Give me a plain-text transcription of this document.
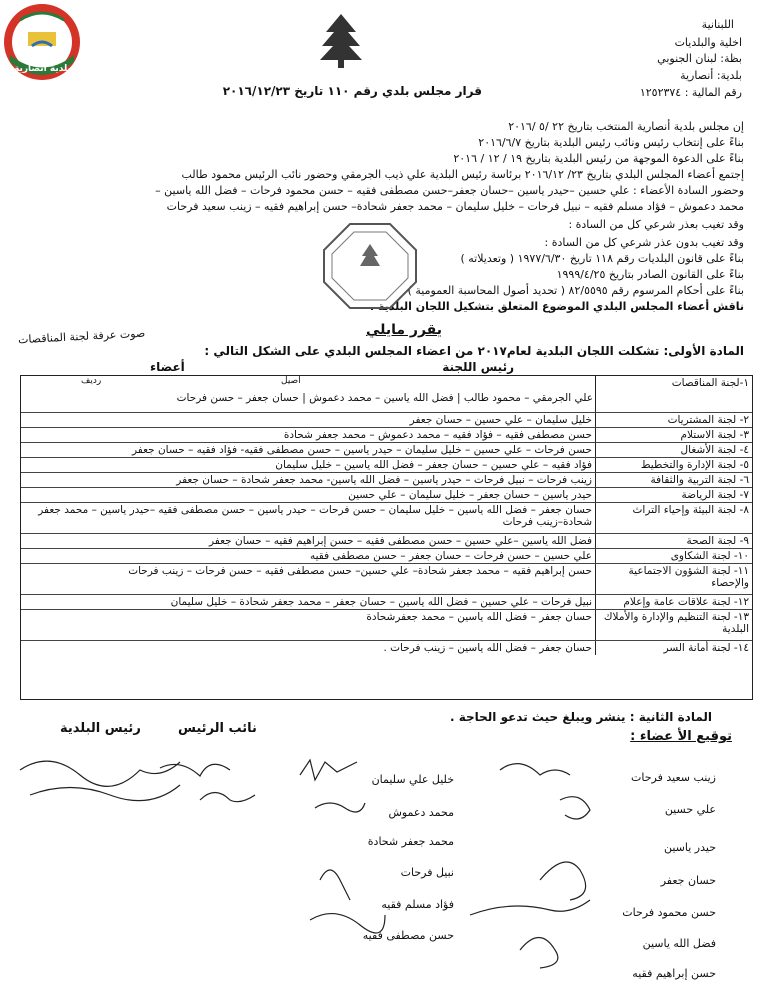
بلدية أنصارية
اللبنانية
اخلية والبلديات
بظة: لبنان الجنوبي
بلدية: أنصارية
رقم المالية : ١٢٥٢٣٧٤
قرار مجلس بلدي رقم ١١٠ تاريخ ٢٠١٦/١٢/٢٣
إن مجلس بلدية أنصارية المنتخب بتاريخ ٢٢ /٥ /٢٠١٦
بناءً على إنتخاب رئيس ونائب رئيس البلدية بتاريخ ٢٠١٦/٦/٧
بناءً على الدعوة الموجهة من رئيس البلدية بتاريخ ١٩ / ١٢ / ٢٠١٦
إجتمع أعضاء المجلس البلدي بتاريخ ٢٣/ ٢٠١٦/١٢ برئاسة رئيس البلدية علي ذيب الجرمقي وحضور نائب الرئيس محمود طالب
وحضور السادة الأعضاء : علي حسين –حيدر ياسين –حسان جعفر–حسن مصطفى فقيه – حسن محمود فرحات – فضل الله ياسين –
محمد دعموش – فؤاد مسلم فقيه – نبيل فرحات – خليل سليمان – محمد جعفر شحادة– حسن إبراهيم فقيه – زينب سعيد فرحات
وقد تغيب بعذر شرعي كل من السادة :
وقد تغيب بدون عذر شرعي كل من السادة :
بناءً على قانون البلديات رقم ١١٨ تاريخ ١٩٧٧/٦/٣٠ ( وتعديلاته )
بناءً على القانون الصادر بتاريخ ١٩٩٩/٤/٢٥
بناءً على أحكام المرسوم رقم ٨٢/٥٥٩٥ ( تحديد أصول المحاسبة العمومية )
ناقش أعضاء المجلس البلدي الموضوع المتعلق بتشكيل اللجان البلدية .
يقرر مايلي
المادة الأولى: تشكلت اللجان البلدية لعام٢٠١٧ من اعضاء المجلس البلدي على الشكل التالي :
صوت عرفة لجنة المناقصات
رئيس اللجنة
أعضاء
١-لجنة المناقصات	أصيل
رديف
علي الجرمقي – محمود طالب | فضل الله ياسين – محمد دعموش | حسان جعفر – حسن فرحات

٢- لجنة المشتريات	خليل سليمان – علي حسين – حسان جعفر
٣- لجنة الاستلام	حسن مصطفى فقيه – فؤاد فقيه – محمد دعموش – محمد جعفر شحادة
٤- لجنة الأشغال	حسن فرحات – علي حسين – خليل سليمان – حيدر ياسين – حسن مصطفى فقيه- فؤاد فقيه – حسان جعفر
٥- لجنة الإدارة والتخطيط	فؤاد فقيه – علي حسين – حسان جعفر – فضل الله ياسين – خليل سليمان
٦- لجنة التربية والثقافة	زينب فرحات – نبيل فرحات – حيدر ياسين – فضل الله ياسين- محمد جعفر شحادة – حسان جعفر
٧- لجنة الرياضة	حيدر ياسين – حسان جعفر – خليل سليمان – علي حسين
٨- لجنة البيئة وإحياء التراث	حسان جعفر – فضل الله ياسين – خليل سليمان – حسن فرحات – حيدر ياسين – حسن مصطفى فقيه –حيدر ياسين – محمد جعفر شحادة–زينب فرحات
٩- لجنة الصحة	فضل الله ياسين –علي حسين – حسن مصطفى فقيه – حسن إبراهيم فقيه – حسان جعفر
١٠- لجنة الشكاوى	علي حسين – حسن فرحات – حسان جعفر – حسن مصطفى فقيه
١١- لجنة الشؤون الاجتماعية والإحصاء	حسن إبراهيم فقيه – محمد جعفر شحادة– علي حسين– حسن مصطفى فقيه – حسن فرحات – زينب فرحات
١٢- لجنة علاقات عامة وإعلام	نبيل فرحات – علي حسين – فضل الله ياسين – حسان جعفر – محمد جعفر شحادة – خليل سليمان
١٣- لجنة التنظيم والإدارة والأملاك البلدية	حسان جعفر – فضل الله ياسين – محمد جعفرشحادة
١٤- لجنة أمانة السر	حسان جعفر – فضل الله ياسين – زينب فرحات .
المادة الثانية : ينشر ويبلغ حيث تدعو الحاجة .
توقيع الأ عضاء :
رئيس البلدية	نائب الرئيس
زينب سعيد فرحات
علي حسين
حيدر ياسين
حسان جعفر
حسن محمود فرحات
فضل الله ياسين
حسن إبراهيم فقيه
خليل علي سليمان
محمد دعموش
محمد جعفر شحادة
نبيل فرحات
فؤاد مسلم فقيه
حسن مصطفى فقيه
